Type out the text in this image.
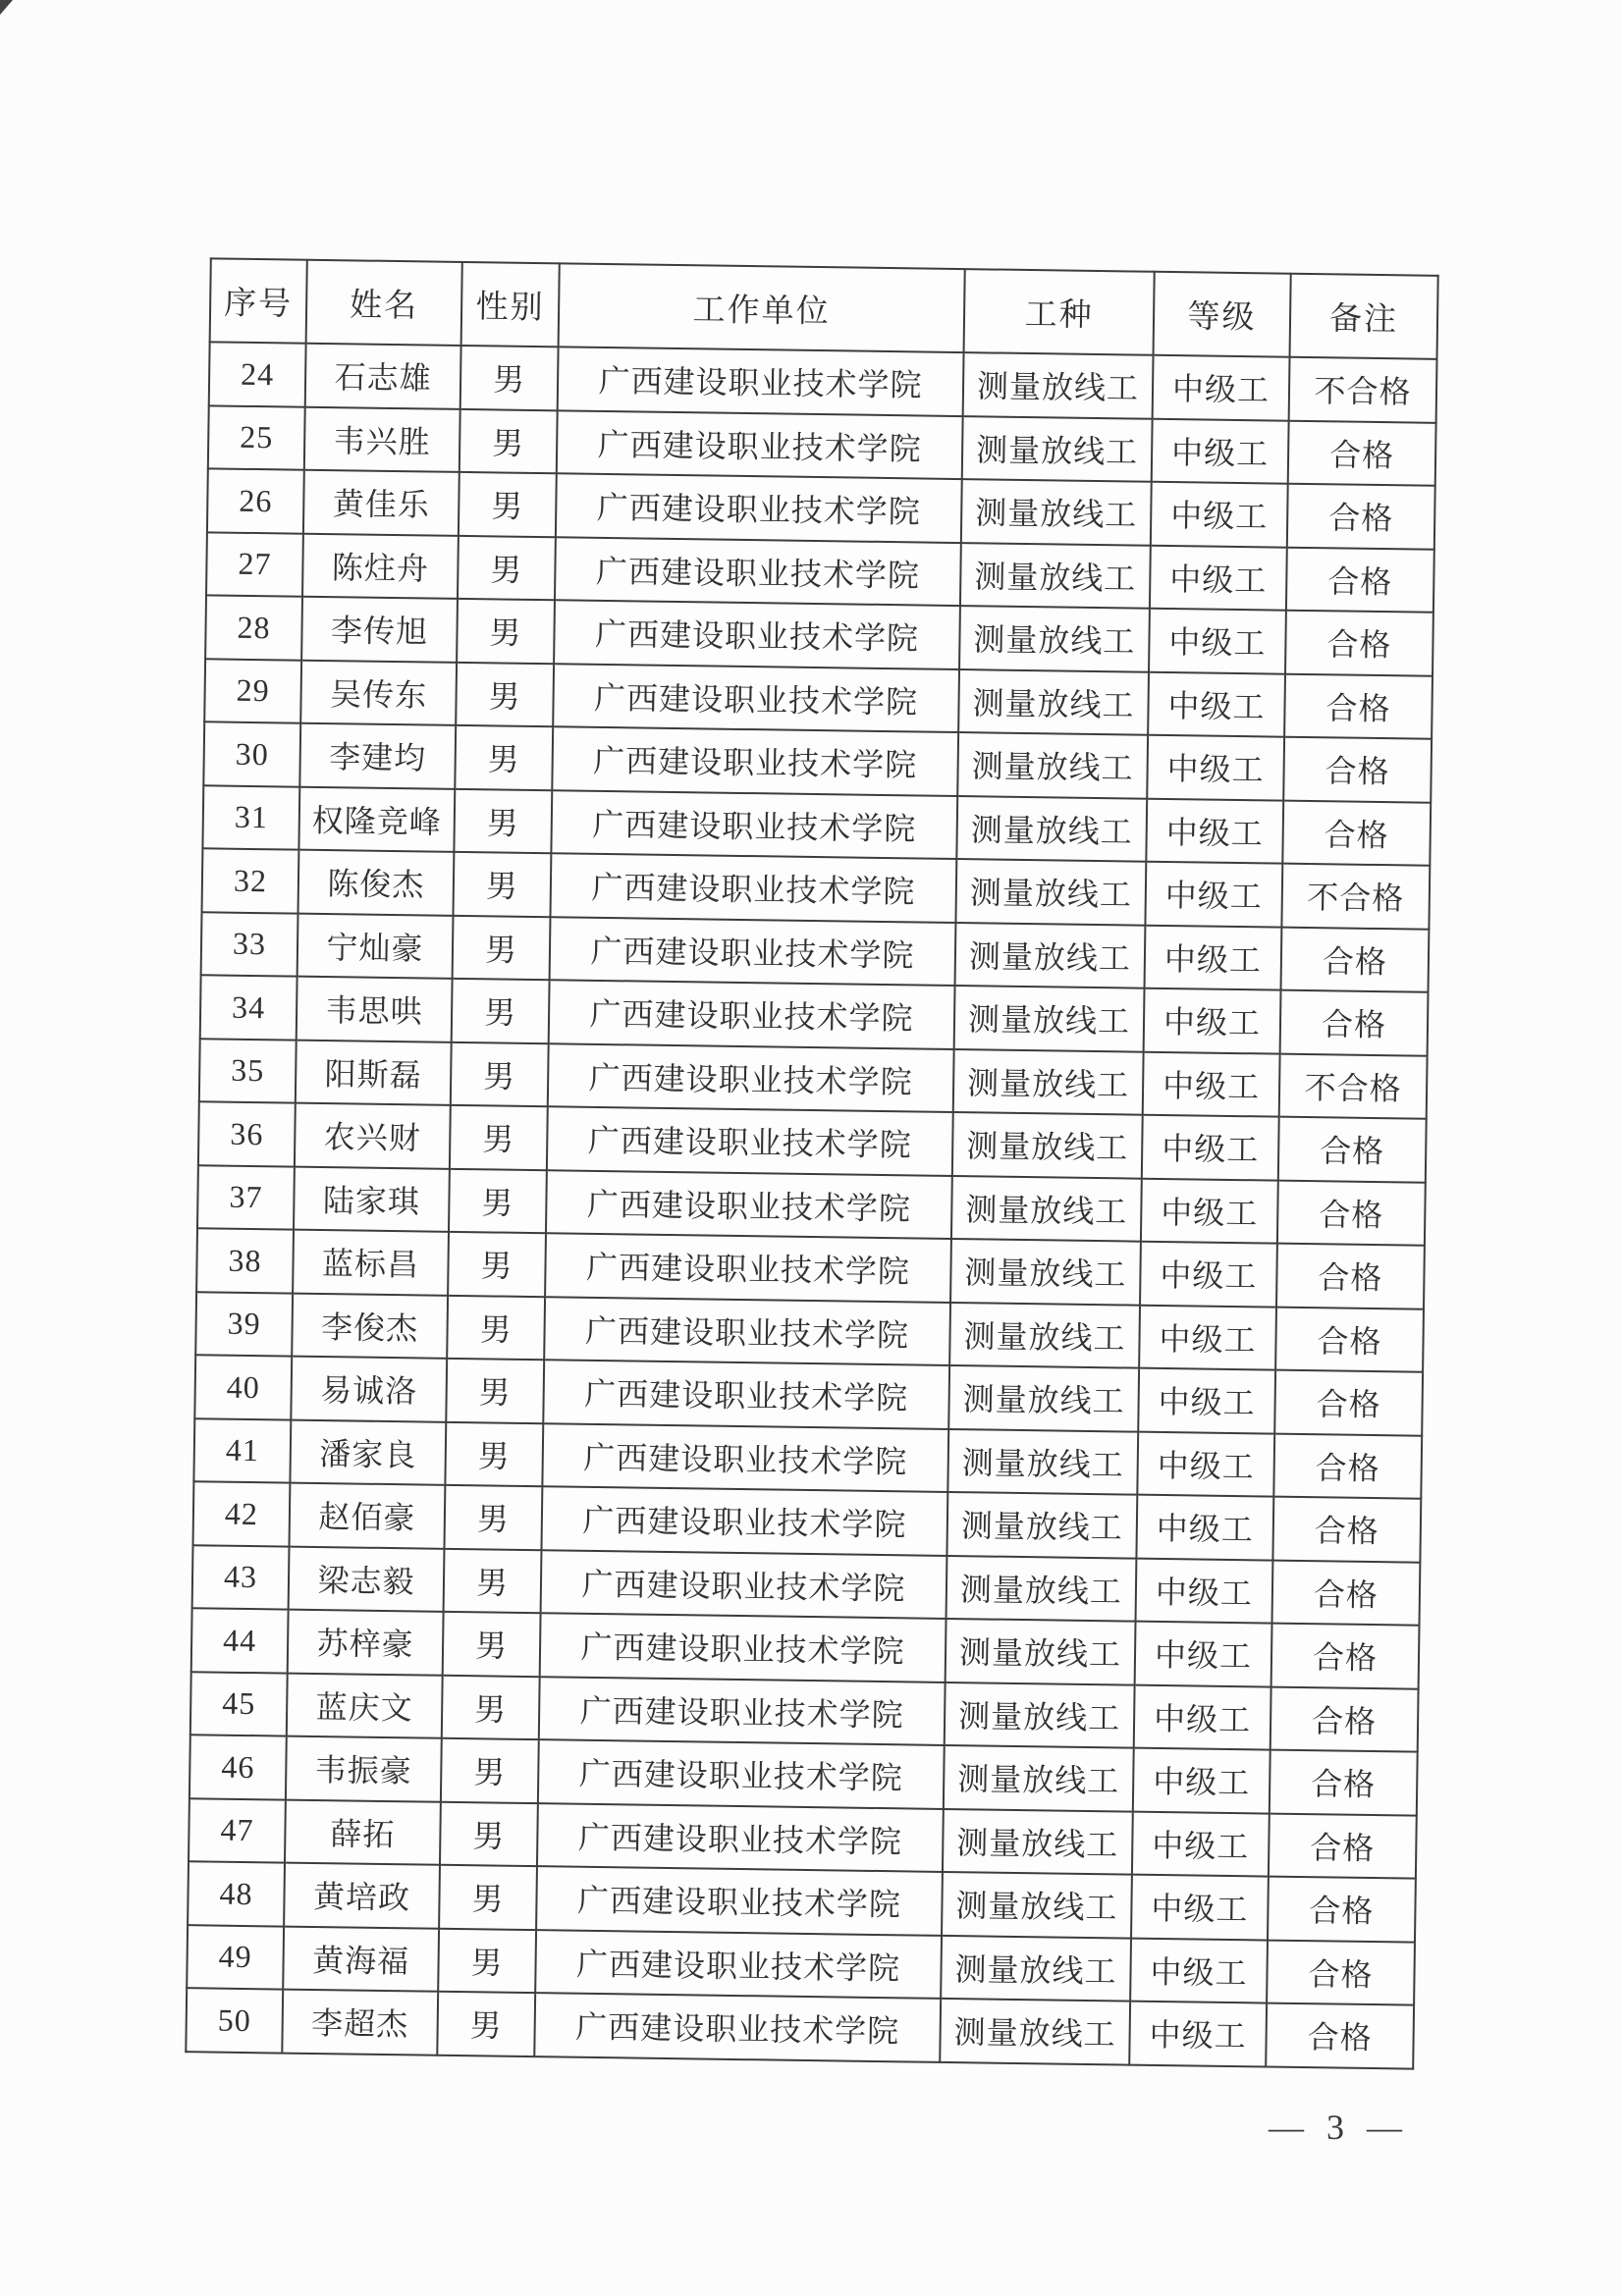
序号	姓名	性别	工作单位	工种	等级	备注
24	石志雄	男	广西建设职业技术学院	测量放线工	中级工	不合格
25	韦兴胜	男	广西建设职业技术学院	测量放线工	中级工	合格
26	黄佳乐	男	广西建设职业技术学院	测量放线工	中级工	合格
27	陈炷舟	男	广西建设职业技术学院	测量放线工	中级工	合格
28	李传旭	男	广西建设职业技术学院	测量放线工	中级工	合格
29	吴传东	男	广西建设职业技术学院	测量放线工	中级工	合格
30	李建均	男	广西建设职业技术学院	测量放线工	中级工	合格
31	权隆竞峰	男	广西建设职业技术学院	测量放线工	中级工	合格
32	陈俊杰	男	广西建设职业技术学院	测量放线工	中级工	不合格
33	宁灿豪	男	广西建设职业技术学院	测量放线工	中级工	合格
34	韦思哄	男	广西建设职业技术学院	测量放线工	中级工	合格
35	阳斯磊	男	广西建设职业技术学院	测量放线工	中级工	不合格
36	农兴财	男	广西建设职业技术学院	测量放线工	中级工	合格
37	陆家琪	男	广西建设职业技术学院	测量放线工	中级工	合格
38	蓝标昌	男	广西建设职业技术学院	测量放线工	中级工	合格
39	李俊杰	男	广西建设职业技术学院	测量放线工	中级工	合格
40	易诚洛	男	广西建设职业技术学院	测量放线工	中级工	合格
41	潘家良	男	广西建设职业技术学院	测量放线工	中级工	合格
42	赵佰豪	男	广西建设职业技术学院	测量放线工	中级工	合格
43	梁志毅	男	广西建设职业技术学院	测量放线工	中级工	合格
44	苏梓豪	男	广西建设职业技术学院	测量放线工	中级工	合格
45	蓝庆文	男	广西建设职业技术学院	测量放线工	中级工	合格
46	韦振豪	男	广西建设职业技术学院	测量放线工	中级工	合格
47	薛拓	男	广西建设职业技术学院	测量放线工	中级工	合格
48	黄培政	男	广西建设职业技术学院	测量放线工	中级工	合格
49	黄海福	男	广西建设职业技术学院	测量放线工	中级工	合格
50	李超杰	男	广西建设职业技术学院	测量放线工	中级工	合格
— 3 —
